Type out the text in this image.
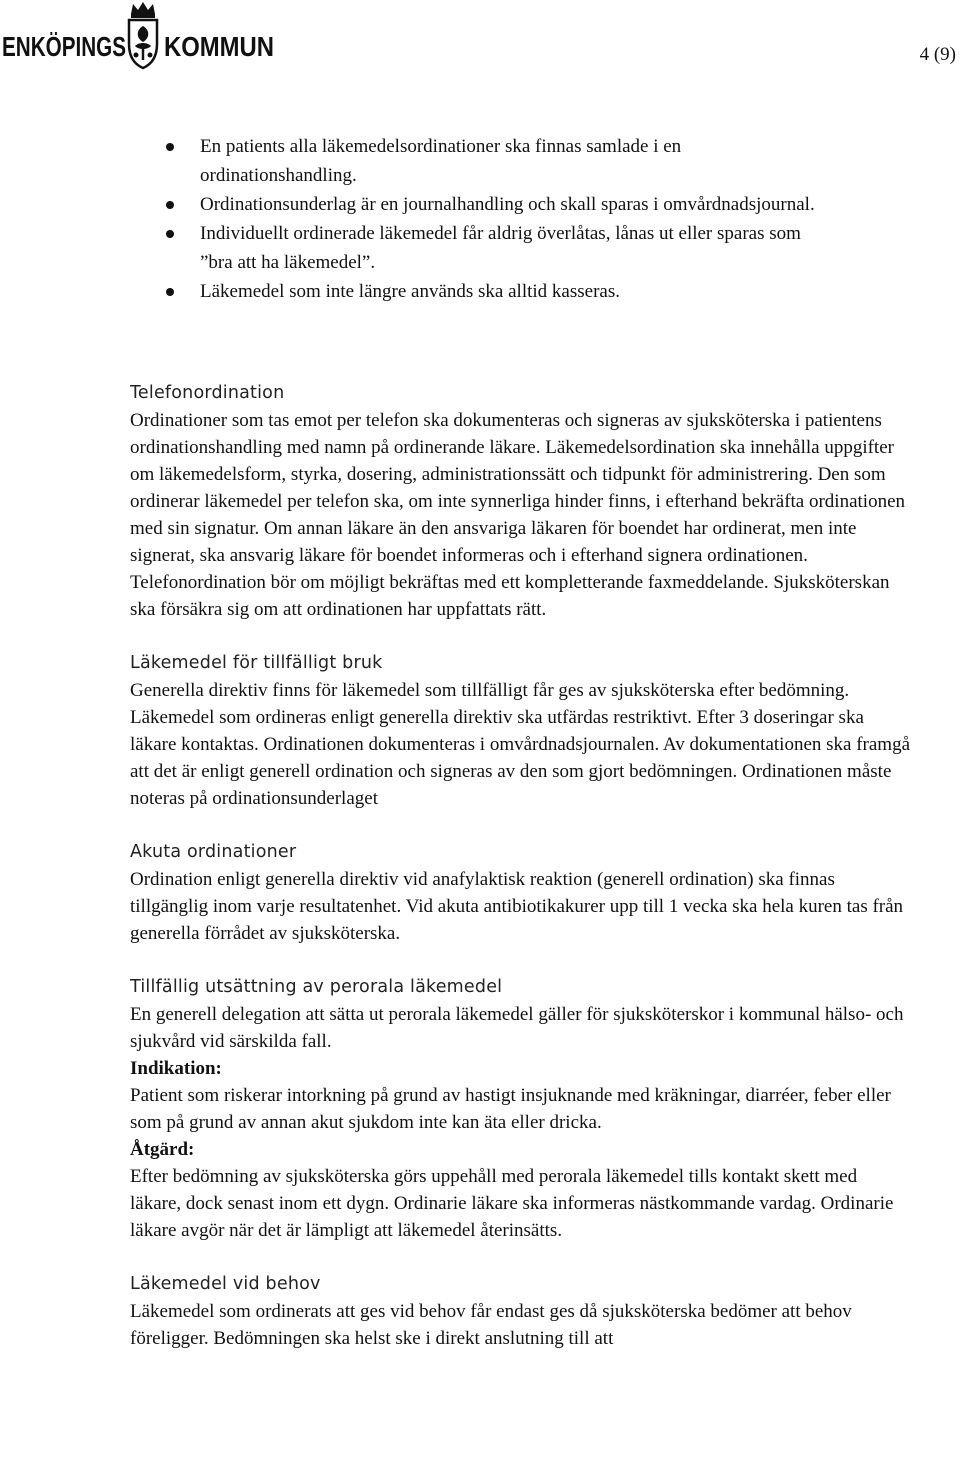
ENKÖPINGS KOMMUN	4 (9)
En patients alla läkemedelsordinationer ska finnas samlade i en ordinationshandling.
Ordinationsunderlag är en journalhandling och skall sparas i omvårdnadsjournal.
Individuellt ordinerade läkemedel får aldrig överlåtas, lånas ut eller sparas som ”bra att ha läkemedel”.
Läkemedel som inte längre används ska alltid kasseras.
Telefonordination
Ordinationer som tas emot per telefon ska dokumenteras och signeras av sjuksköterska i patientens ordinationshandling med namn på ordinerande läkare. Läkemedelsordination ska innehålla uppgifter om läkemedelsform, styrka, dosering, administrationssätt och tidpunkt för administrering. Den som ordinerar läkemedel per telefon ska, om inte synnerliga hinder finns, i efterhand bekräfta ordinationen med sin signatur. Om annan läkare än den ansvariga läkaren för boendet har ordinerat, men inte signerat, ska ansvarig läkare för boendet informeras och i efterhand signera ordinationen. Telefonordination bör om möjligt bekräftas med ett kompletterande faxmeddelande. Sjuksköterskan ska försäkra sig om att ordinationen har uppfattats rätt.
Läkemedel för tillfälligt bruk
Generella direktiv finns för läkemedel som tillfälligt får ges av sjuksköterska efter bedömning. Läkemedel som ordineras enligt generella direktiv ska utfärdas restriktivt. Efter 3 doseringar ska läkare kontaktas. Ordinationen dokumenteras i omvårdnadsjournalen. Av dokumentationen ska framgå att det är enligt generell ordination och signeras av den som gjort bedömningen. Ordinationen måste noteras på ordinationsunderlaget
Akuta ordinationer
Ordination enligt generella direktiv vid anafylaktisk reaktion (generell ordination) ska finnas tillgänglig inom varje resultatenhet. Vid akuta antibiotikakurer upp till 1 vecka ska hela kuren tas från generella förrådet av sjuksköterska.
Tillfällig utsättning av perorala läkemedel
En generell delegation att sätta ut perorala läkemedel gäller för sjuksköterskor i kommunal hälso- och sjukvård vid särskilda fall.
Indikation:
Patient som riskerar intorkning på grund av hastigt insjuknande med kräkningar, diarréer, feber eller som på grund av annan akut sjukdom inte kan äta eller dricka.
Åtgärd:
Efter bedömning av sjuksköterska görs uppehåll med perorala läkemedel tills kontakt skett med läkare, dock senast inom ett dygn. Ordinarie läkare ska informeras nästkommande vardag. Ordinarie läkare avgör när det är lämpligt att läkemedel återinsätts.
Läkemedel vid behov
Läkemedel som ordinerats att ges vid behov får endast ges då sjuksköterska bedömer att behov föreligger. Bedömningen ska helst ske i direkt anslutning till att
